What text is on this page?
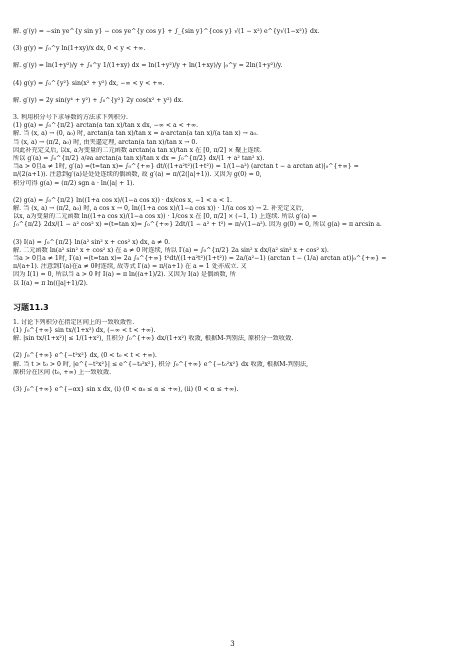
解. g′(y) = −sin ye^{y sin y} − cos ye^{y cos y} + ∫_{sin y}^{cos y} √(1 − x²) e^{y√(1−x²)} dx.

(3) g(y) = ∫₀^y ln(1+xy)/x dx, 0 < y < +∞.

解. g′(y) = ln(1+y²)/y + ∫₀^y 1/(1+xy) dx = ln(1+y²)/y + ln(1+xy)/y |₀^y = 2ln(1+y²)/y.

(4) g(y) = ∫₀^{y²} sin(x² + y²) dx, −∞ < y < +∞.

解. g′(y) = 2y sin(y⁴ + y²) + ∫₀^{y²} 2y cos(x² + y²) dx.

3. 利用积分号下求导数的方法求下列积分.

(1) g(a) = ∫₀^{π/2} arctan(a tan x)/tan x dx, −∞ < a < +∞.

解. 当 (x, a) → (0, a₀) 时, arctan(a tan x)/tan x = a·arctan(a tan x)/(a tan x) → a₀.

当 (x, a) → (π/2, a₀) 时, 由夹逼定理, arctan(a tan x)/tan x → 0.

因此补充定义后, 以x, a为变量的二元函数 arctan(a tan x)/tan x 在 [0, π/2] × 聚上连续.

所以 g′(a) = ∫₀^{π/2} ∂/∂a arctan(a tan x)/tan x dx = ∫₀^{π/2} dx/(1 + a² tan² x).

当a > 0且a ≠ 1时, g′(a) =(t=tan x)= ∫₀^{+∞} dt/((1+a²t²)(1+t²)) = 1/(1−a²) (arctan t − a arctan at)|₀^{+∞} =

π/(2(a+1)). 注意到g′(a)是处处连续的偶函数, 故 g′(a) = π/(2(|a|+1)). 又因为 g(0) = 0,

积分可得 g(a) = (π/2) sgn a · ln(|a| + 1).

(2) g(a) = ∫₀^{π/2} ln((1+a cos x)/(1−a cos x)) · dx/cos x, −1 < a < 1.

解. 当 (x, a) → (π/2, a₀) 时, a cos x → 0, ln((1+a cos x)/(1−a cos x)) · 1/(a cos x) → 2. 补充定义后,

以x, a为变量的二元函数 ln((1+a cos x)/(1−a cos x)) · 1/cos x 在 [0, π/2] × (−1, 1) 上连续. 所以 g′(a) =

∫₀^{π/2} 2dx/(1 − a² cos² x) =(t=tan x)= ∫₀^{+∞} 2dt/(1 − a² + t²) = π/√(1−a²). 因为 g(0) = 0, 所以 g(a) = π arcsin a.

(3) I(a) = ∫₀^{π/2} ln(a² sin² x + cos² x) dx, a ≠ 0.

解. 二元函数 ln(a² sin² x + cos² x) 在 a ≠ 0 时连续, 所以 I′(a) = ∫₀^{π/2} 2a sin² x dx/(a² sin² x + cos² x).

当a > 0且a ≠ 1时, I′(a) =(t=tan x)= 2a ∫₀^{+∞} t²dt/((1+a²t²)(1+t²)) = 2a/(a²−1) (arctan t − (1/a) arctan at)|₀^{+∞} =

π/(a+1). 注意到I′(a)在a ≠ 0时连续, 故等式 I′(a) = π/(a+1) 在 a = 1 处亦成立. 又

因为 I(1) = 0, 所以当 a > 0 时 I(a) = π ln((a+1)/2). 又因为 I(a) 是偶函数, 所

以 I(a) = π ln((|a|+1)/2).

习题11.3

1. 讨论下列积分在指定区间上的一致收敛性.

(1) ∫₀^{+∞} sin tx/(1+x²) dx, (−∞ < t < +∞).

解. |sin tx/(1+x²)| ≤ 1/(1+x²), 且积分 ∫₀^{+∞} dx/(1+x²) 收敛, 根据M-判别法, 原积分一致收敛.

(2) ∫₀^{+∞} e^{−t²x²} dx, (0 < t₀ < t < +∞).

解. 当 t > t₀ > 0 时, |e^{−t²x²}| ≤ e^{−t₀²x²}, 积分 ∫₀^{+∞} e^{−t₀²x²} dx 收敛, 根据M-判别法,

原积分在区间 (t₀, +∞) 上一致收敛.

(3) ∫₀^{+∞} e^{−αx} sin x dx, (i) (0 < α₀ ≤ α ≤ +∞), (ii) (0 < α ≤ +∞).

3
